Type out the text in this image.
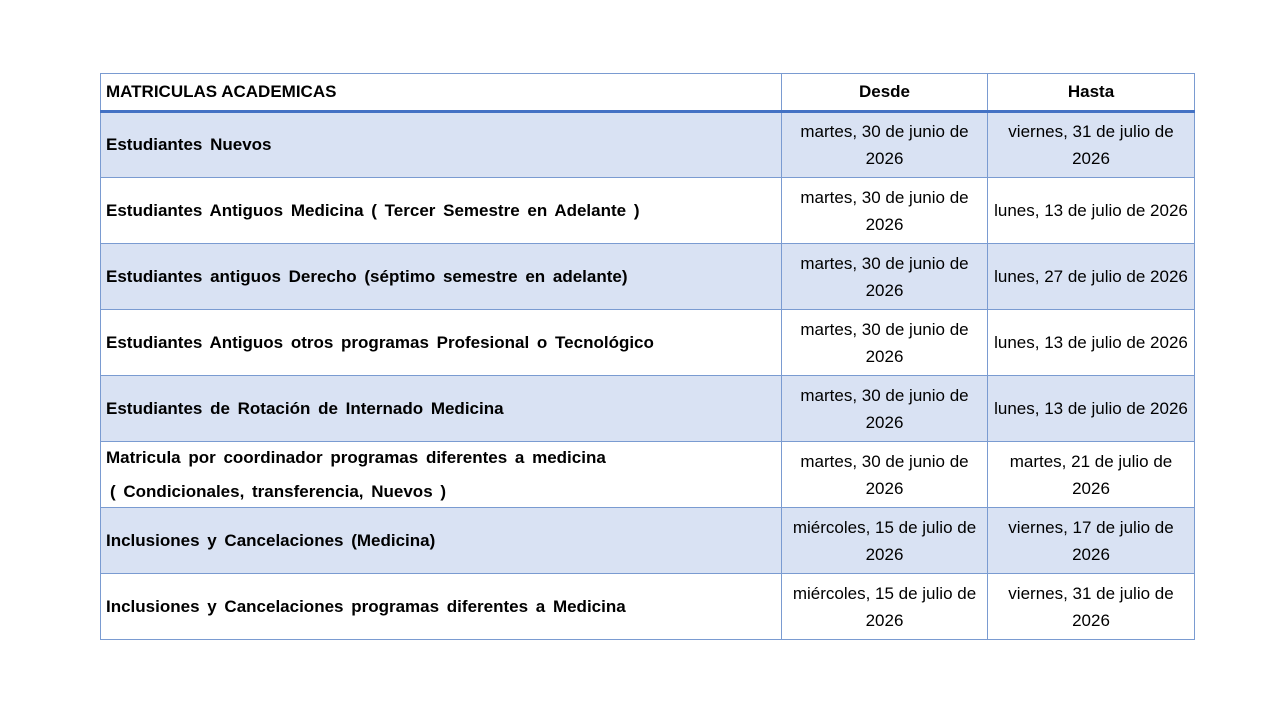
MATRICULAS ACADEMICAS	Desde	Hasta

Estudiantes Nuevos	martes, 30 de junio de 2026	viernes, 31 de julio de 2026

Estudiantes Antiguos Medicina ( Tercer Semestre en Adelante )	martes, 30 de junio de 2026	lunes, 13 de julio de 2026

Estudiantes antiguos Derecho (séptimo semestre en adelante)	martes, 30 de junio de 2026	lunes, 27 de julio de 2026

Estudiantes Antiguos otros programas Profesional o Tecnológico	martes, 30 de junio de 2026	lunes, 13 de julio de 2026

Estudiantes de Rotación de Internado Medicina	martes, 30 de junio de 2026	lunes, 13 de julio de 2026

Matricula por coordinador programas diferentes a medicina
( Condicionales, transferencia, Nuevos )	martes, 30 de junio de 2026	martes, 21 de julio de 2026

Inclusiones y Cancelaciones (Medicina)	miércoles, 15 de julio de 2026	viernes, 17 de julio de 2026

Inclusiones y Cancelaciones programas diferentes a Medicina	miércoles, 15 de julio de 2026	viernes, 31 de julio de 2026
